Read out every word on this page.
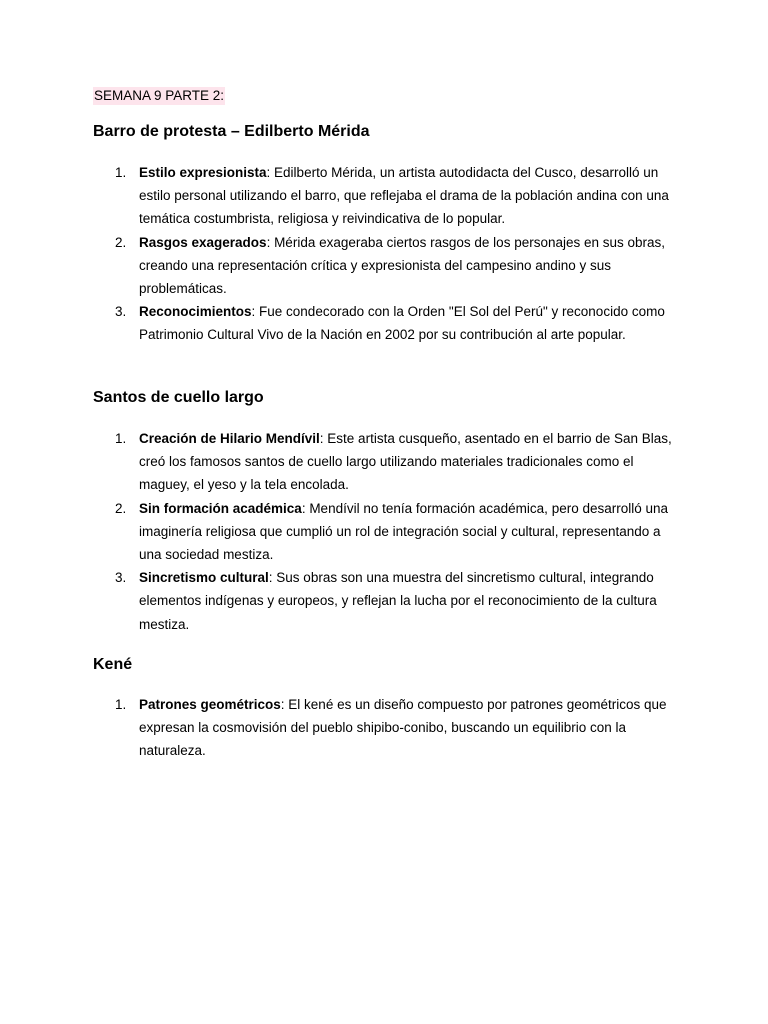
SEMANA 9 PARTE 2:
Barro de protesta – Edilberto Mérida
1. Estilo expresionista: Edilberto Mérida, un artista autodidacta del Cusco, desarrolló un estilo personal utilizando el barro, que reflejaba el drama de la población andina con una temática costumbrista, religiosa y reivindicativa de lo popular.
2. Rasgos exagerados: Mérida exageraba ciertos rasgos de los personajes en sus obras, creando una representación crítica y expresionista del campesino andino y sus problemáticas.
3. Reconocimientos: Fue condecorado con la Orden "El Sol del Perú" y reconocido como Patrimonio Cultural Vivo de la Nación en 2002 por su contribución al arte popular.
Santos de cuello largo
1. Creación de Hilario Mendívil: Este artista cusqueño, asentado en el barrio de San Blas, creó los famosos santos de cuello largo utilizando materiales tradicionales como el maguey, el yeso y la tela encolada.
2. Sin formación académica: Mendívil no tenía formación académica, pero desarrolló una imaginería religiosa que cumplió un rol de integración social y cultural, representando a una sociedad mestiza.
3. Sincretismo cultural: Sus obras son una muestra del sincretismo cultural, integrando elementos indígenas y europeos, y reflejan la lucha por el reconocimiento de la cultura mestiza.
Kené
1. Patrones geométricos: El kené es un diseño compuesto por patrones geométricos que expresan la cosmovisión del pueblo shipibo-conibo, buscando un equilibrio con la naturaleza.
